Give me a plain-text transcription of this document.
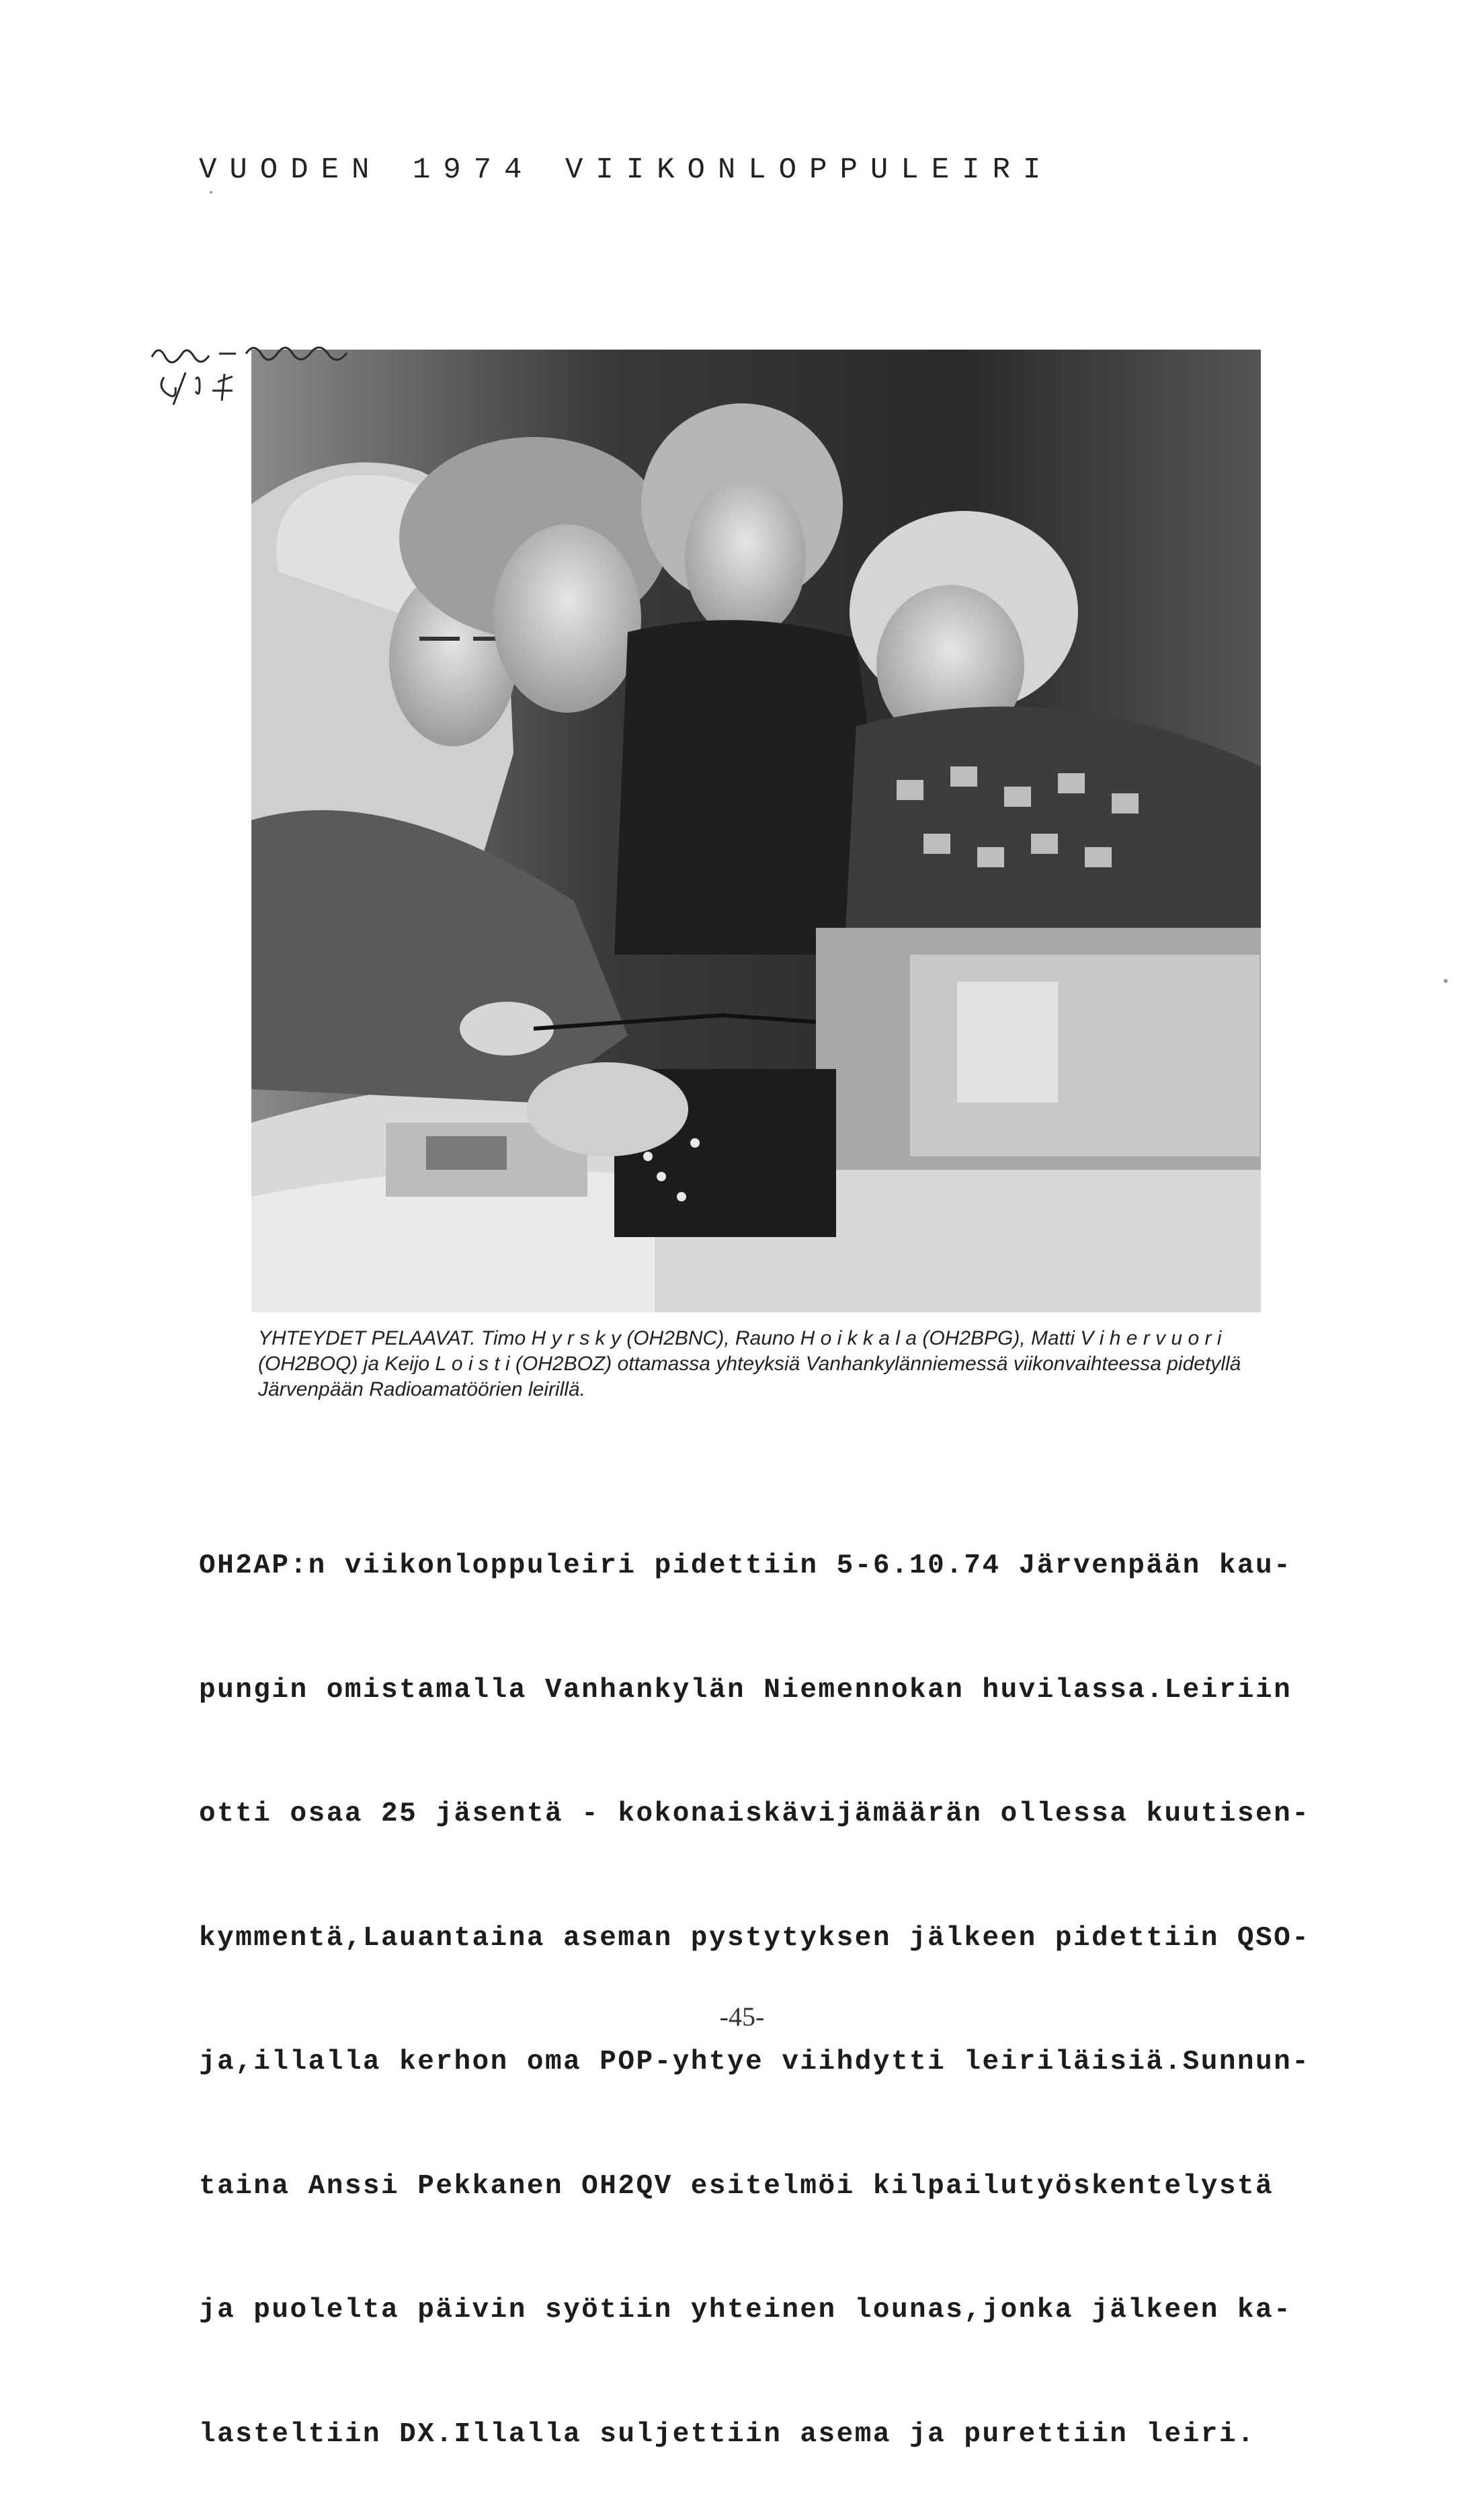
VUODEN 1974 VIIKONLOPPULEIRI
YHTEYDET PELAAVAT. Timo H y r s k y (OH2BNC), Rauno H o i k k a l a (OH2BPG), Matti V i h e r v u o r i (OH2BOQ) ja Keijo L o i s t i (OH2BOZ) ottamassa yhteyksiä Vanhankylänniemessä viikonvaihteessa pidetyllä Järvenpään Radioamatöörien leirillä.

OH2AP:n viikonloppuleiri pidettiin 5-6.10.74 Järvenpään kau-

pungin omistamalla Vanhankylän Niemennokan huvilassa.Leiriin

otti osaa 25 jäsentä - kokonaiskävijämäärän ollessa kuutisen-

kymmentä,Lauantaina aseman pystytyksen jälkeen pidettiin QSO-

ja,illalla kerhon oma POP-yhtye viihdytti leiriläisiä.Sunnun-

taina Anssi Pekkanen OH2QV esitelmöi kilpailutyöskentelystä

ja puolelta päivin syötiin yhteinen lounas,jonka jälkeen ka-

lasteltiin DX.Illalla suljettiin asema ja purettiin leiri.

-45-
